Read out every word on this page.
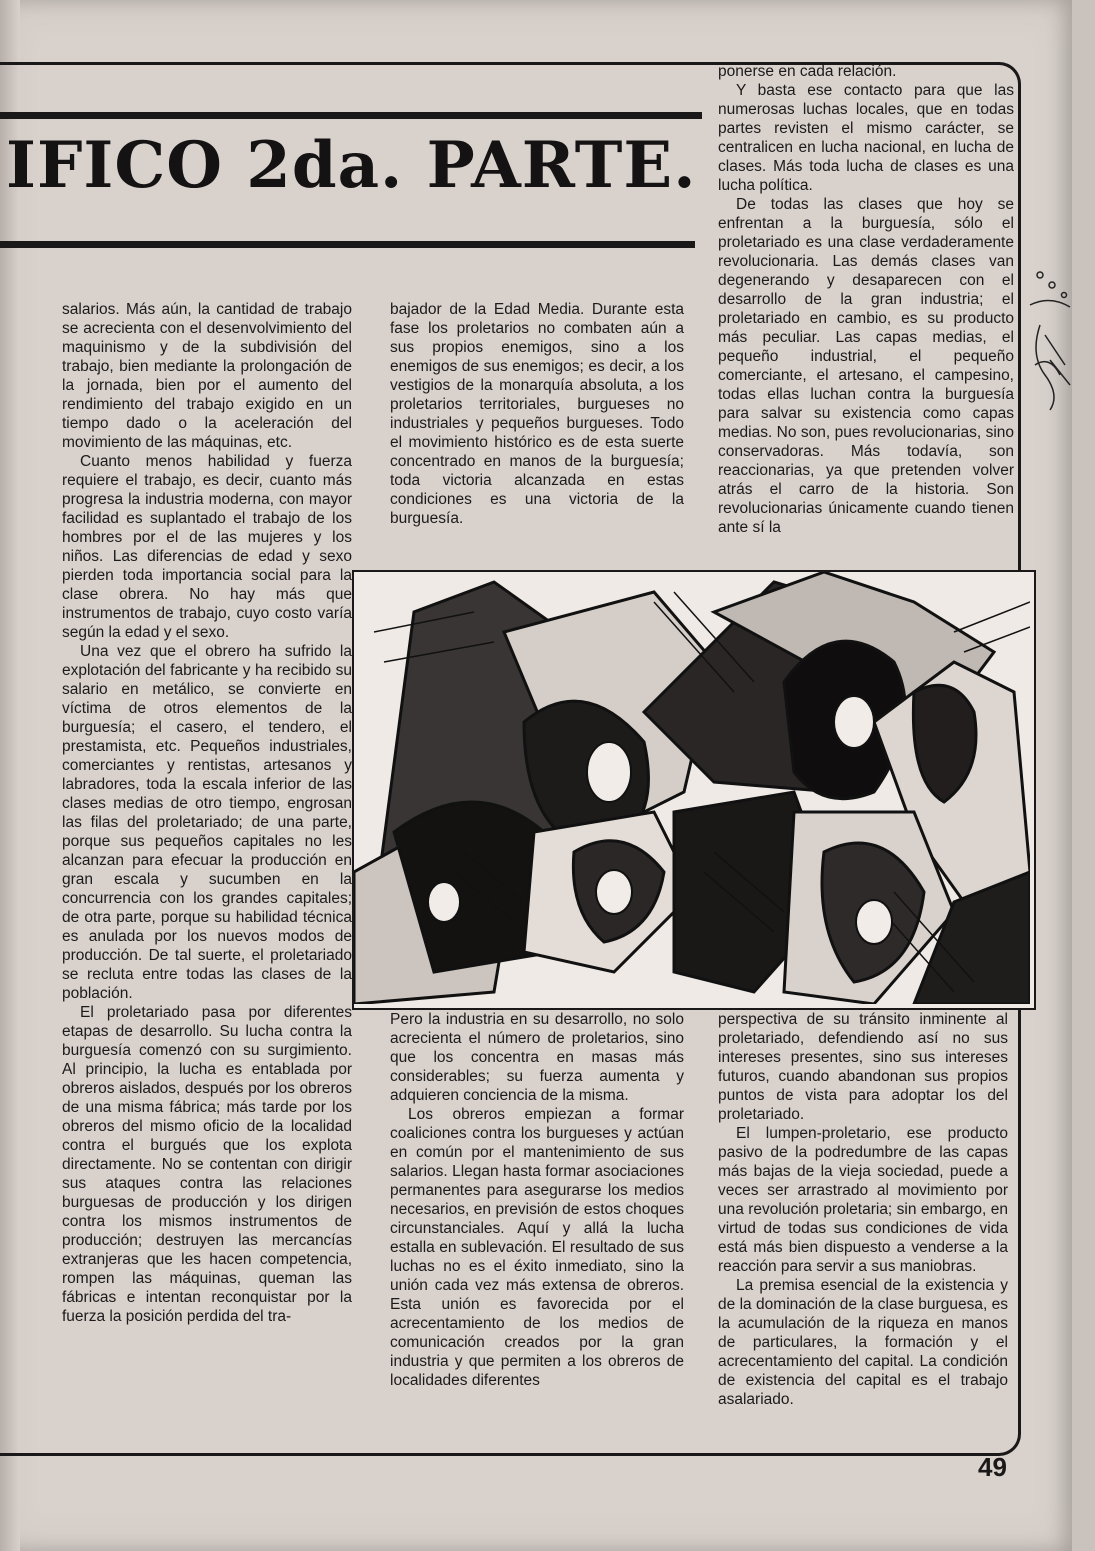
IFICO 2da. PARTE.

salarios. Más aún, la cantidad de trabajo se acrecienta con el desenvolvimiento del maquinismo y de la subdivisión del trabajo, bien mediante la prolongación de la jornada, bien por el aumento del rendimiento del trabajo exigido en un tiempo dado o la aceleración del movimiento de las máquinas, etc.

Cuanto menos habilidad y fuerza requiere el trabajo, es decir, cuanto más progresa la industria moderna, con mayor facilidad es suplantado el trabajo de los hombres por el de las mujeres y los niños. Las diferencias de edad y sexo pierden toda importancia social para la clase obrera. No hay más que instrumentos de trabajo, cuyo costo varía según la edad y el sexo.

Una vez que el obrero ha sufrido la explotación del fabricante y ha recibido su salario en metálico, se convierte en víctima de otros elementos de la burguesía; el casero, el tendero, el prestamista, etc. Pequeños industriales, comerciantes y rentistas, artesanos y labradores, toda la escala inferior de las clases medias de otro tiempo, engrosan las filas del proletariado; de una parte, porque sus pequeños capitales no les alcanzan para efecuar la producción en gran escala y sucumben en la concurrencia con los grandes capitales; de otra parte, porque su habilidad técnica es anulada por los nuevos modos de producción. De tal suerte, el proletariado se recluta entre todas las clases de la población.

El proletariado pasa por diferentes etapas de desarrollo. Su lucha contra la burguesía comenzó con su surgimiento. Al principio, la lucha es entablada por obreros aislados, después por los obreros de una misma fábrica; más tarde por los obreros del mismo oficio de la localidad contra el burgués que los explota directamente. No se contentan con dirigir sus ataques contra las relaciones burguesas de producción y los dirigen contra los mismos instrumentos de producción; destruyen las mercancías extranjeras que les hacen competencia, rompen las máquinas, queman las fábricas e intentan reconquistar por la fuerza la posición perdida del tra-

bajador de la Edad Media. Durante esta fase los proletarios no combaten aún a sus propios enemigos, sino a los enemigos de sus enemigos; es decir, a los vestigios de la monarquía absoluta, a los proletarios territoriales, burgueses no industriales y pequeños burgueses. Todo el movimiento histórico es de esta suerte concentrado en manos de la burguesía; toda victoria alcanzada en estas condiciones es una victoria de la burguesía.

ponerse en cada relación.

Y basta ese contacto para que las numerosas luchas locales, que en todas partes revisten el mismo carácter, se centralicen en lucha nacional, en lucha de clases. Más toda lucha de clases es una lucha política.

De todas las clases que hoy se enfrentan a la burguesía, sólo el proletariado es una clase verdaderamente revolucionaria. Las demás clases van degenerando y desaparecen con el desarrollo de la gran industria; el proletariado en cambio, es su producto más peculiar. Las capas medias, el pequeño industrial, el pequeño comerciante, el artesano, el campesino, todas ellas luchan contra la burguesía para salvar su existencia como capas medias. No son, pues revolucionarias, sino conservadoras. Más todavía, son reaccionarias, ya que pretenden volver atrás el carro de la historia. Son revolucionarias únicamente cuando tienen ante sí la

Pero la industria en su desarrollo, no solo acrecienta el número de proletarios, sino que los concentra en masas más considerables; su fuerza aumenta y adquieren conciencia de la misma.

Los obreros empiezan a formar coaliciones contra los burgueses y actúan en común por el mantenimiento de sus salarios. Llegan hasta formar asociaciones permanentes para asegurarse los medios necesarios, en previsión de estos choques circunstanciales. Aquí y allá la lucha estalla en sublevación. El resultado de sus luchas no es el éxito inmediato, sino la unión cada vez más extensa de obreros. Esta unión es favorecida por el acrecentamiento de los medios de comunicación creados por la gran industria y que permiten a los obreros de localidades diferentes

perspectiva de su tránsito inminente al proletariado, defendiendo así no sus intereses presentes, sino sus intereses futuros, cuando abandonan sus propios puntos de vista para adoptar los del proletariado.

El lumpen-proletario, ese producto pasivo de la podredumbre de las capas más bajas de la vieja sociedad, puede a veces ser arrastrado al movimiento por una revolución proletaria; sin embargo, en virtud de todas sus condiciones de vida está más bien dispuesto a venderse a la reacción para servir a sus maniobras.

La premisa esencial de la existencia y de la dominación de la clase burguesa, es la acumulación de la riqueza en manos de particulares, la formación y el acrecentamiento del capital. La condición de existencia del capital es el trabajo asalariado.

49
